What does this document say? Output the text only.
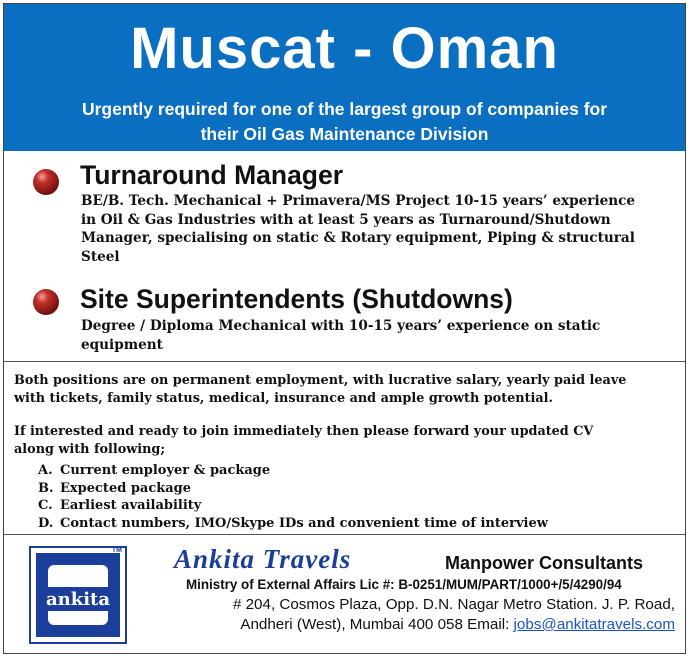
Muscat - Oman
Urgently required for one of the largest group of companies for
their Oil Gas Maintenance Division
Turnaround Manager
BE/B. Tech. Mechanical + Primavera/MS Project 10-15 years’ experience
in Oil & Gas Industries with at least 5 years as Turnaround/Shutdown
Manager, specialising on static & Rotary equipment, Piping & structural
Steel
Site Superintendents (Shutdowns)
Degree / Diploma Mechanical with 10-15 years’ experience on static
equipment
Both positions are on permanent employment, with lucrative salary, yearly paid leave
with tickets, family status, medical, insurance and ample growth potential.
If interested and ready to join immediately then please forward your updated CV
along with following;
A. Current employer & package
B. Expected package
C. Earliest availability
D. Contact numbers, IMO/Skype IDs and convenient time of interview
ankita
TM Ankita Travels	Manpower Consultants
Ministry of External Affairs Lic #: B-0251/MUM/PART/1000+/5/4290/94
# 204, Cosmos Plaza, Opp. D.N. Nagar Metro Station. J. P. Road,
Andheri (West), Mumbai 400 058 Email: jobs@ankitatravels.com
